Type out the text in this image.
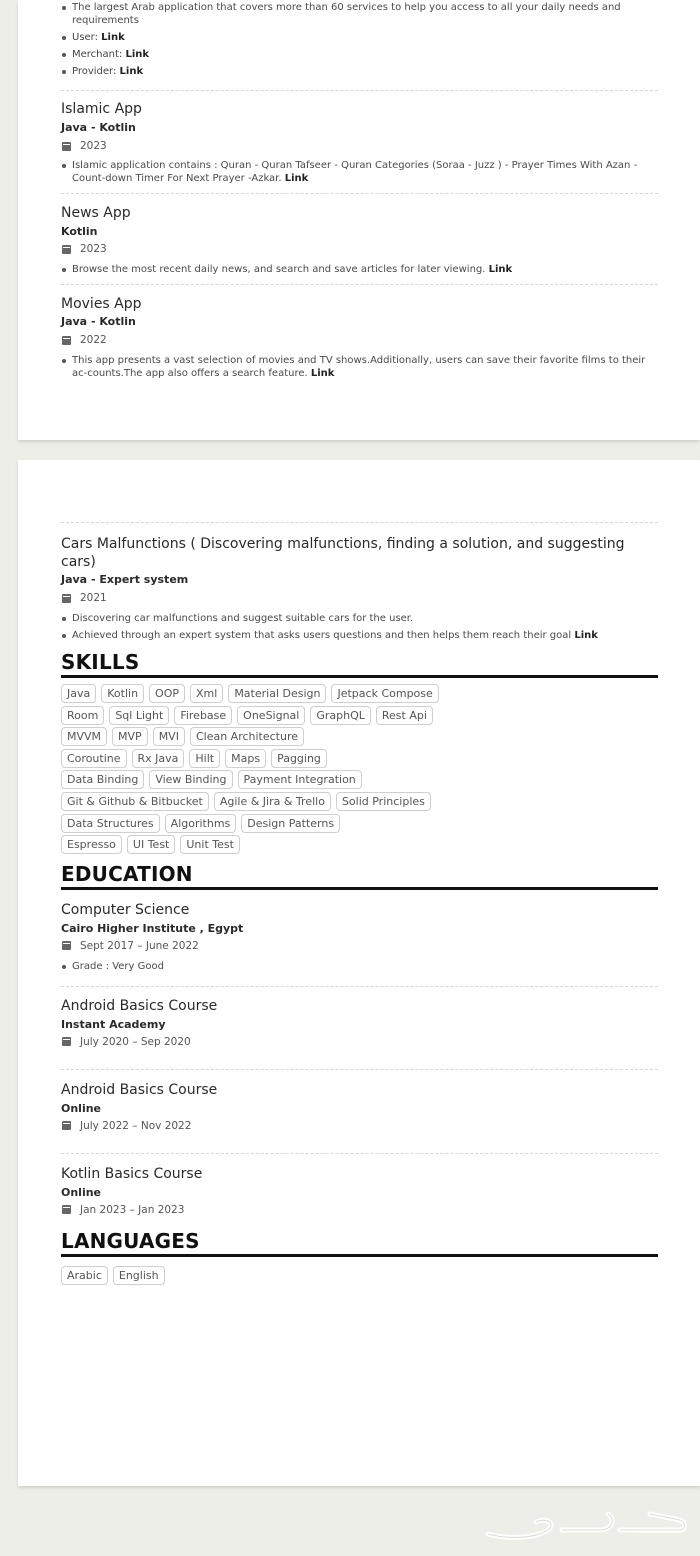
The largest Arab application that covers more than 60 services to help you access to all your daily needs and requirements
User: Link
Merchant: Link
Provider: Link
Islamic App
Java - Kotlin
2023
Islamic application contains : Quran - Quran Tafseer - Quran Categories (Soraa - Juzz ) - Prayer Times With Azan - Count-down Timer For Next Prayer -Azkar. Link
News App
Kotlin
2023
Browse the most recent daily news, and search and save articles for later viewing. Link
Movies App
Java - Kotlin
2022
This app presents a vast selection of movies and TV shows.Additionally, users can save their favorite films to their ac-counts.The app also offers a search feature. Link
Cars Malfunctions ( Discovering malfunctions, finding a solution, and suggesting cars)
Java - Expert system
2021
Discovering car malfunctions and suggest suitable cars for the user.
Achieved through an expert system that asks users questions and then helps them reach their goal Link
SKILLS
Java	Kotlin	OOP	Xml	Material Design	Jetpack Compose
Room	Sql Light	Firebase	OneSignal	GraphQL	Rest Api
MVVM	MVP	MVI	Clean Architecture
Coroutine	Rx Java	Hilt	Maps	Pagging
Data Binding	View Binding	Payment Integration
Git & Github & Bitbucket	Agile & Jira & Trello	Solid Principles
Data Structures	Algorithms	Design Patterns
Espresso	UI Test	Unit Test
EDUCATION
Computer Science
Cairo Higher Institute , Egypt
Sept 2017 – June 2022
Grade : Very Good
Android Basics Course
Instant Academy
July 2020 – Sep 2020
Android Basics Course
Online
July 2022 – Nov 2022
Kotlin Basics Course
Online
Jan 2023 – Jan 2023
LANGUAGES
Arabic	English
